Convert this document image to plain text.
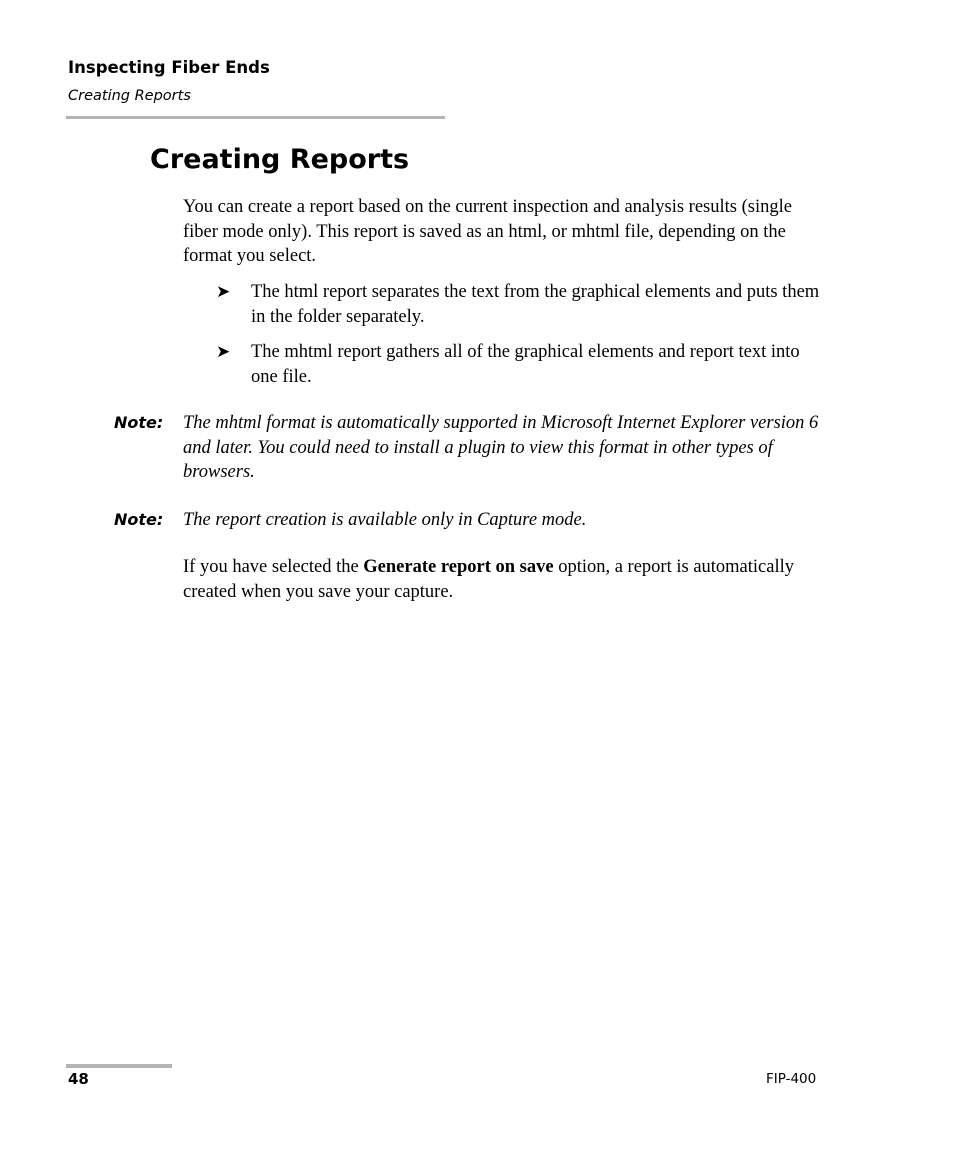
Inspecting Fiber Ends
Creating Reports
Creating Reports

You can create a report based on the current inspection and analysis results (single fiber mode only). This report is saved as an html, or mhtml file, depending on the format you select.

➤ The html report separates the text from the graphical elements and puts them in the folder separately.
➤ The mhtml report gathers all of the graphical elements and report text into one file.
Note: The mhtml format is automatically supported in Microsoft Internet Explorer version 6 and later. You could need to install a plugin to view this format in other types of browsers.
Note: The report creation is available only in Capture mode.

If you have selected the Generate report on save option, a report is automatically created when you save your capture.

48	FIP-400
